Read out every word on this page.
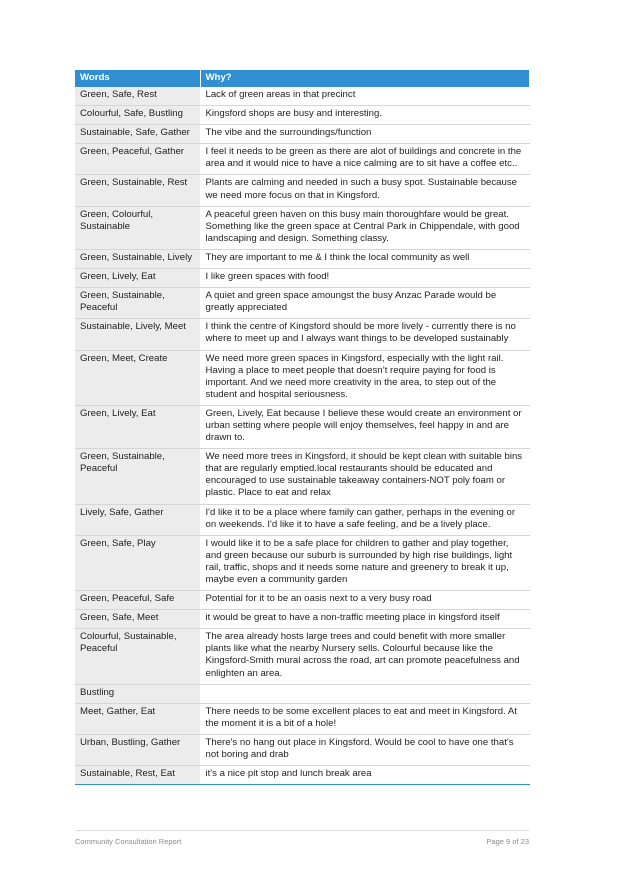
Words	Why?
Green, Safe, Rest	Lack of green areas in that precinct
Colourful, Safe, Bustling	Kingsford shops are busy and interesting.
Sustainable, Safe, Gather	The vibe and the surroundings/function
Green, Peaceful, Gather	I feel it needs to be green as there are alot of buildings and concrete in the area and it would nice to have a nice calming are to sit have a coffee etc..
Green, Sustainable, Rest	Plants are calming and needed in such a busy spot. Sustainable because we need more focus on that in Kingsford.
Green, Colourful, Sustainable	A peaceful green haven on this busy main thoroughfare would be great. Something like the green space at Central Park in Chippendale, with good landscaping and design. Something classy.
Green, Sustainable, Lively	They are important to me & I think the local community as well
Green, Lively, Eat	I like green spaces with food!
Green, Sustainable, Peaceful	A quiet and green space amoungst the busy Anzac Parade would be greatly appreciated
Sustainable, Lively, Meet	I think the centre of Kingsford should be more lively - currently there is no where to meet up and I always want things to be developed sustainably
Green, Meet, Create	We need more green spaces in Kingsford, especially with the light rail. Having a place to meet people that doesn’t require paying for food is important. And we need more creativity in the area, to step out of the student and hospital seriousness.
Green, Lively, Eat	Green, Lively, Eat because I believe these would create an environment or urban setting where people will enjoy themselves, feel happy in and are drawn to.
Green, Sustainable, Peaceful	We need more trees in Kingsford, it should be kept clean with suitable bins that are regularly emptied.local restaurants should be educated and encouraged to use sustainable takeaway containers-NOT poly foam or plastic. Place to eat and relax
Lively, Safe, Gather	I'd like it to be a place where family can gather, perhaps in the evening or on weekends. I'd like it to have a safe feeling, and be a lively place.
Green, Safe, Play	I would like it to be a safe place for children to gather and play together, and green because our suburb is surrounded by high rise buildings, light rail, traffic, shops and it needs some nature and greenery to break it up, maybe even a community garden
Green, Peaceful, Safe	Potential for it to be an oasis next to a very busy road
Green, Safe, Meet	it would be great to have a non-traffic meeting place in kingsford itself
Colourful, Sustainable, Peaceful	The area already hosts large trees and could benefit with more smaller plants like what the nearby Nursery sells. Colourful because like the Kingsford-Smith mural across the road, art can promote peacefulness and enlighten an area.
Bustling	
Meet, Gather, Eat	There needs to be some excellent places to eat and meet in Kingsford. At the moment it is a bit of a hole!
Urban, Bustling, Gather	There's no hang out place in Kingsford. Would be cool to have one that's not boring and drab
Sustainable, Rest, Eat	it's a nice pit stop and lunch break area
Community Consultation Report	Page 9 of 23
